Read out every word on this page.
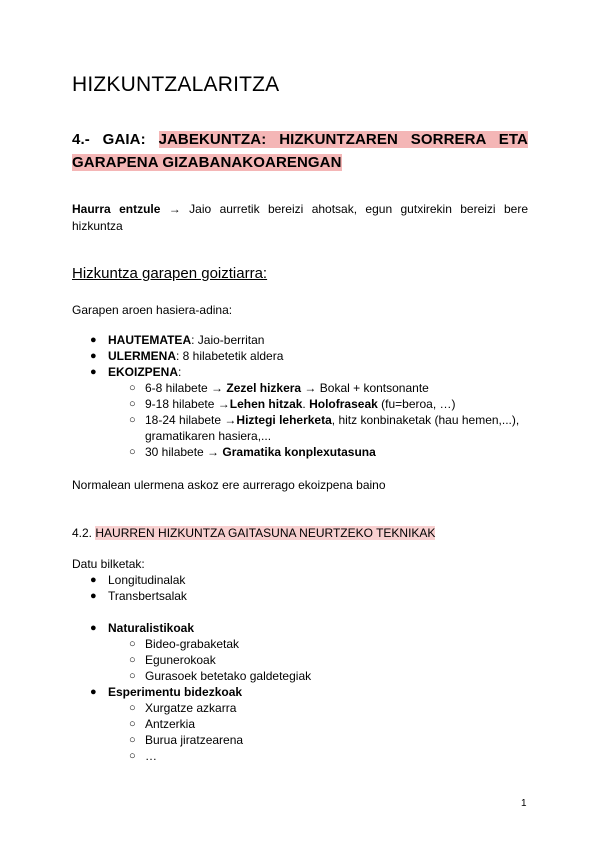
HIZKUNTZALARITZA
4.- GAIA: JABEKUNTZA: HIZKUNTZAREN SORRERA ETA
GARAPENA GIZABANAKOARENGAN
Haurra entzule → Jaio aurretik bereizi ahotsak, egun gutxirekin bereizi bere hizkuntza
Hizkuntza garapen goiztiarra:
Garapen aroen hasiera-adina:
● HAUTEMATEA: Jaio-berritan
● ULERMENA: 8 hilabetetik aldera
● EKOIZPENA:
○ 6-8 hilabete → Zezel hizkera → Bokal + kontsonante
○ 9-18 hilabete →Lehen hitzak. Holofraseak (fu=beroa, …)
○ 18-24 hilabete →Hiztegi leherketa, hitz konbinaketak (hau hemen,...), gramatikaren hasiera,...
○ 30 hilabete → Gramatika konplexutasuna
Normalean ulermena askoz ere aurrerago ekoizpena baino
4.2. HAURREN HIZKUNTZA GAITASUNA NEURTZEKO TEKNIKAK
Datu bilketak:
● Longitudinalak
● Transbertsalak
● Naturalistikoak
○ Bideo-grabaketak
○ Egunerokoak
○ Gurasoek betetako galdetegiak
● Esperimentu bidezkoak
○ Xurgatze azkarra
○ Antzerkia
○ Burua jiratzearena
○ …
1
